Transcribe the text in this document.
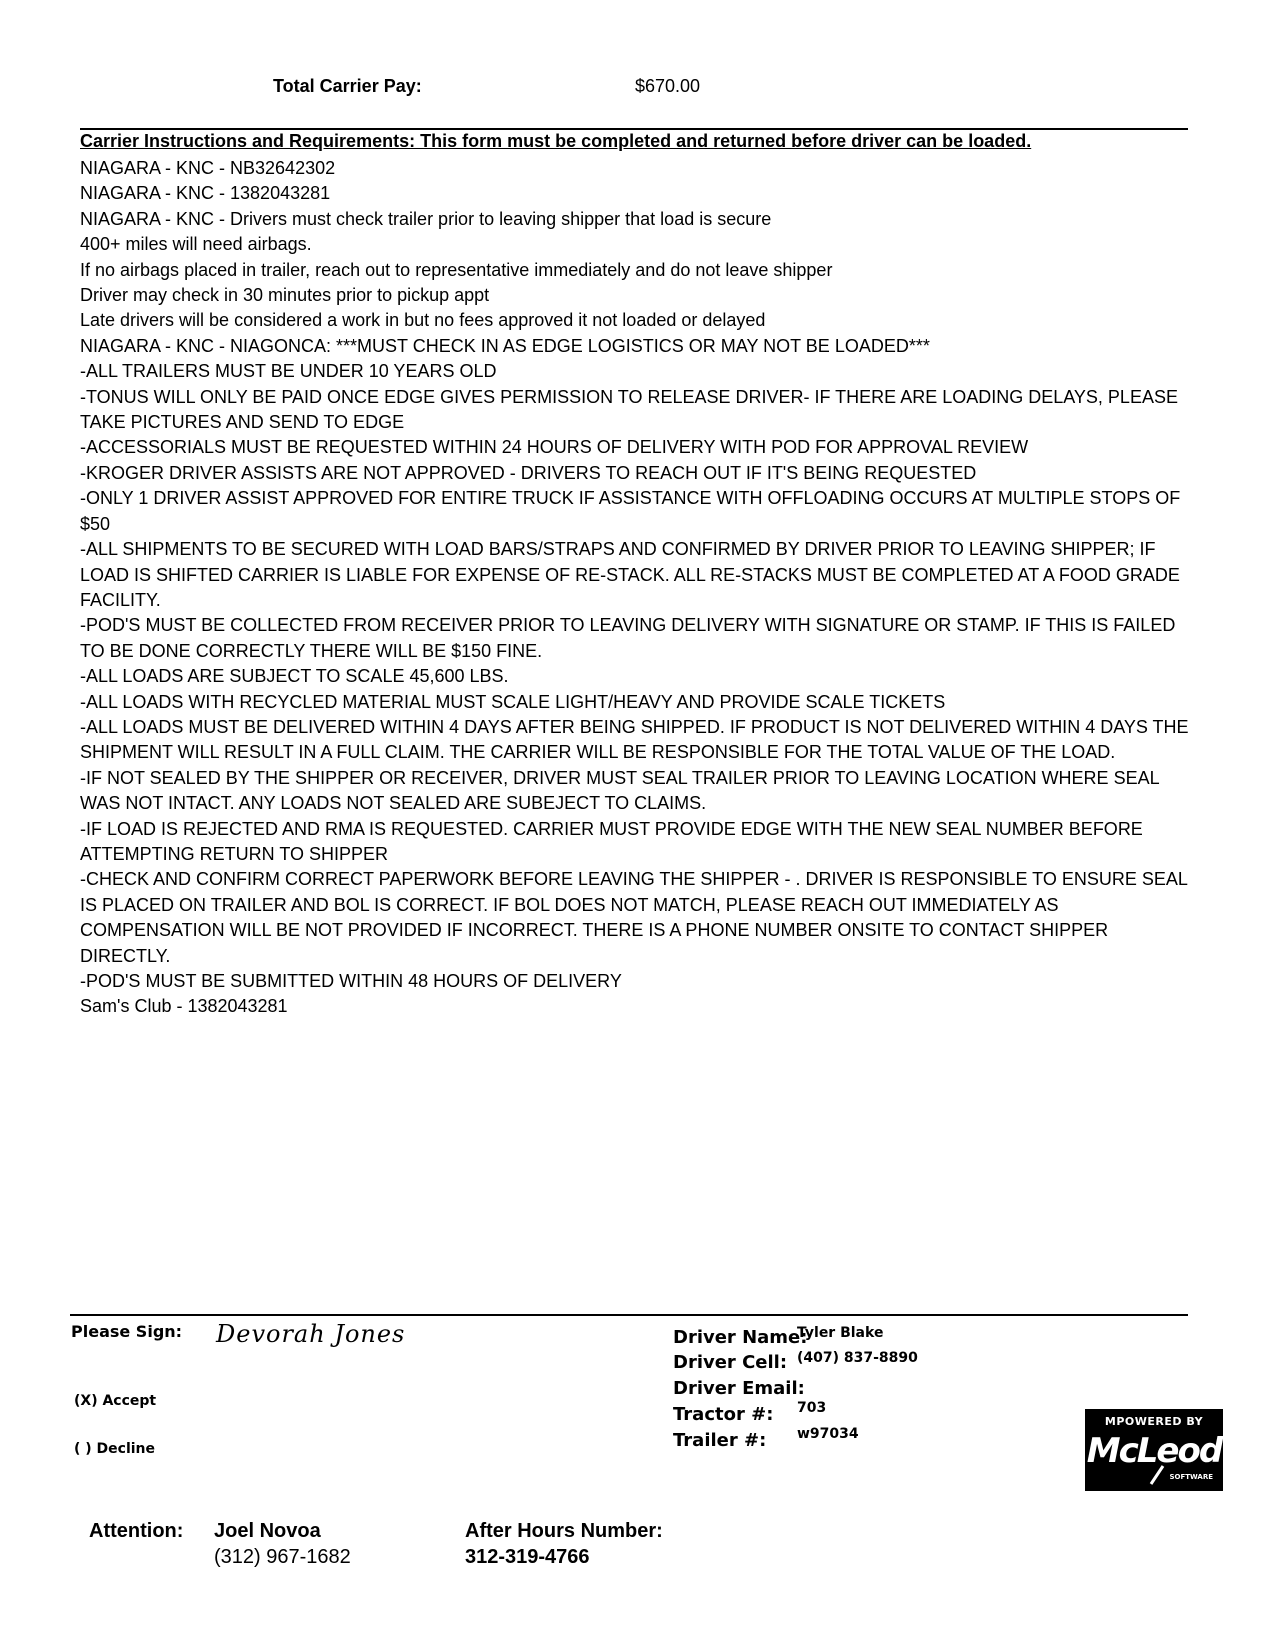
Total Carrier Pay:	$670.00
Carrier Instructions and Requirements: This form must be completed and returned before driver can be loaded.
NIAGARA - KNC - NB32642302
NIAGARA - KNC - 1382043281
NIAGARA - KNC - Drivers must check trailer prior to leaving shipper that load is secure
400+ miles will need airbags.
If no airbags placed in trailer, reach out to representative immediately and do not leave shipper
Driver may check in 30 minutes prior to pickup appt
Late drivers will be considered a work in but no fees approved it not loaded or delayed
NIAGARA - KNC - NIAGONCA: ***MUST CHECK IN AS EDGE LOGISTICS OR MAY NOT BE LOADED***
-ALL TRAILERS MUST BE UNDER 10 YEARS OLD
-TONUS WILL ONLY BE PAID ONCE EDGE GIVES PERMISSION TO RELEASE DRIVER- IF THERE ARE LOADING DELAYS, PLEASE TAKE PICTURES AND SEND TO EDGE
-ACCESSORIALS MUST BE REQUESTED WITHIN 24 HOURS OF DELIVERY WITH POD FOR APPROVAL REVIEW
-KROGER DRIVER ASSISTS ARE NOT APPROVED - DRIVERS TO REACH OUT IF IT'S BEING REQUESTED
-ONLY 1 DRIVER ASSIST APPROVED FOR ENTIRE TRUCK IF ASSISTANCE WITH OFFLOADING OCCURS AT MULTIPLE STOPS OF $50
-ALL SHIPMENTS TO BE SECURED WITH LOAD BARS/STRAPS AND CONFIRMED BY DRIVER PRIOR TO LEAVING SHIPPER; IF LOAD IS SHIFTED CARRIER IS LIABLE FOR EXPENSE OF RE-STACK. ALL RE-STACKS MUST BE COMPLETED AT A FOOD GRADE FACILITY.
-POD'S MUST BE COLLECTED FROM RECEIVER PRIOR TO LEAVING DELIVERY WITH SIGNATURE OR STAMP. IF THIS IS FAILED TO BE DONE CORRECTLY THERE WILL BE $150 FINE.
-ALL LOADS ARE SUBJECT TO SCALE 45,600 LBS.
-ALL LOADS WITH RECYCLED MATERIAL MUST SCALE LIGHT/HEAVY AND PROVIDE SCALE TICKETS
-ALL LOADS MUST BE DELIVERED WITHIN 4 DAYS AFTER BEING SHIPPED. IF PRODUCT IS NOT DELIVERED WITHIN 4 DAYS THE SHIPMENT WILL RESULT IN A FULL CLAIM. THE CARRIER WILL BE RESPONSIBLE FOR THE TOTAL VALUE OF THE LOAD.
-IF NOT SEALED BY THE SHIPPER OR RECEIVER, DRIVER MUST SEAL TRAILER PRIOR TO LEAVING LOCATION WHERE SEAL WAS NOT INTACT. ANY LOADS NOT SEALED ARE SUBEJECT TO CLAIMS.
-IF LOAD IS REJECTED AND RMA IS REQUESTED. CARRIER MUST PROVIDE EDGE WITH THE NEW SEAL NUMBER BEFORE ATTEMPTING RETURN TO SHIPPER
-CHECK AND CONFIRM CORRECT PAPERWORK BEFORE LEAVING THE SHIPPER - . DRIVER IS RESPONSIBLE TO ENSURE SEAL IS PLACED ON TRAILER AND BOL IS CORRECT. IF BOL DOES NOT MATCH, PLEASE REACH OUT IMMEDIATELY AS COMPENSATION WILL BE NOT PROVIDED IF INCORRECT. THERE IS A PHONE NUMBER ONSITE TO CONTACT SHIPPER DIRECTLY.
-POD'S MUST BE SUBMITTED WITHIN 48 HOURS OF DELIVERY
Sam's Club - 1382043281
Please Sign: Devorah Jones
(X) Accept
( ) Decline
Driver Name:
Tyler Blake
Driver Cell: (407) 837-8890
Driver Email:
Tractor #: 703
Trailer #: w97034
MPOWERED BY
McLeod
SOFTWARE
Attention: Joel Novoa
(312) 967-1682
After Hours Number:
312-319-4766
